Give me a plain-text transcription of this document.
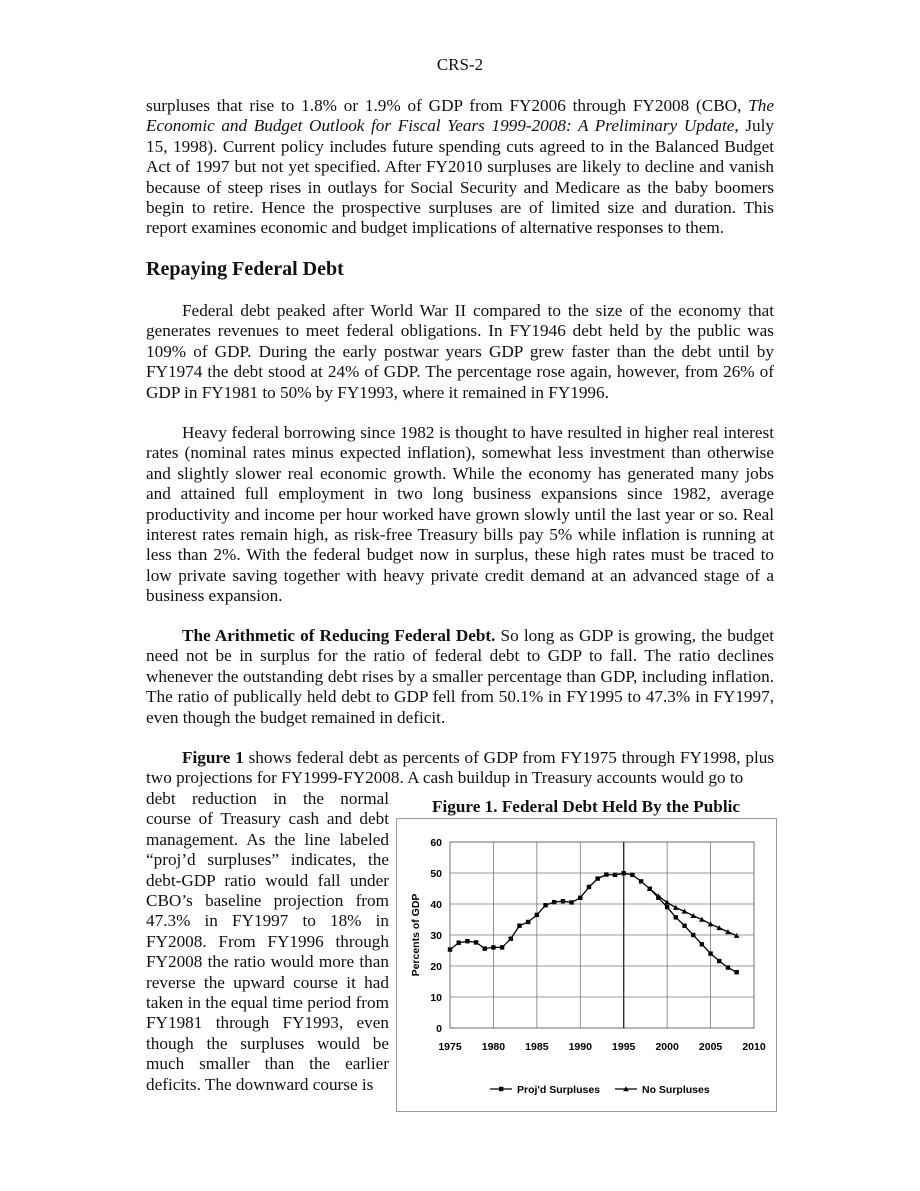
CRS-2

surpluses that rise to 1.8% or 1.9% of GDP from FY2006 through FY2008 (CBO, The Economic and Budget Outlook for Fiscal Years 1999-2008: A Preliminary Update, July 15, 1998). Current policy includes future spending cuts agreed to in the Balanced Budget Act of 1997 but not yet specified. After FY2010 surpluses are likely to decline and vanish because of steep rises in outlays for Social Security and Medicare as the baby boomers begin to retire. Hence the prospective surpluses are of limited size and duration. This report examines economic and budget implications of alternative responses to them.

Repaying Federal Debt

Federal debt peaked after World War II compared to the size of the economy that generates revenues to meet federal obligations. In FY1946 debt held by the public was 109% of GDP. During the early postwar years GDP grew faster than the debt until by FY1974 the debt stood at 24% of GDP. The percentage rose again, however, from 26% of GDP in FY1981 to 50% by FY1993, where it remained in FY1996.

Heavy federal borrowing since 1982 is thought to have resulted in higher real interest rates (nominal rates minus expected inflation), somewhat less investment than otherwise and slightly slower real economic growth. While the economy has generated many jobs and attained full employment in two long business expansions since 1982, average productivity and income per hour worked have grown slowly until the last year or so. Real interest rates remain high, as risk-free Treasury bills pay 5% while inflation is running at less than 2%. With the federal budget now in surplus, these high rates must be traced to low private saving together with heavy private credit demand at an advanced stage of a business expansion.

The Arithmetic of Reducing Federal Debt. So long as GDP is growing, the budget need not be in surplus for the ratio of federal debt to GDP to fall. The ratio declines whenever the outstanding debt rises by a smaller percentage than GDP, including inflation. The ratio of publically held debt to GDP fell from 50.1% in FY1995 to 47.3% in FY1997, even though the budget remained in deficit.

Figure 1 shows federal debt as percents of GDP from FY1975 through FY1998, plus two projections for FY1999-FY2008. A cash buildup in Treasury accounts would go to

debt reduction in the normal course of Treasury cash and debt management. As the line labeled “proj’d surpluses” indicates, the debt-GDP ratio would fall under CBO’s baseline projection from 47.3% in FY1997 to 18% in FY2008. From FY1996 through FY2008 the ratio would more than reverse the upward course it had taken in the equal time period from FY1981 through FY1993, even though the surpluses would be much smaller than the earlier deficits. The downward course is

Figure 1. Federal Debt Held By the Public
0
10
20
30
40
50
60
1975 1980 1985 1990 1995 2000 2005 2010
Percents of GDP
Proj'd Surpluses	No Surpluses
